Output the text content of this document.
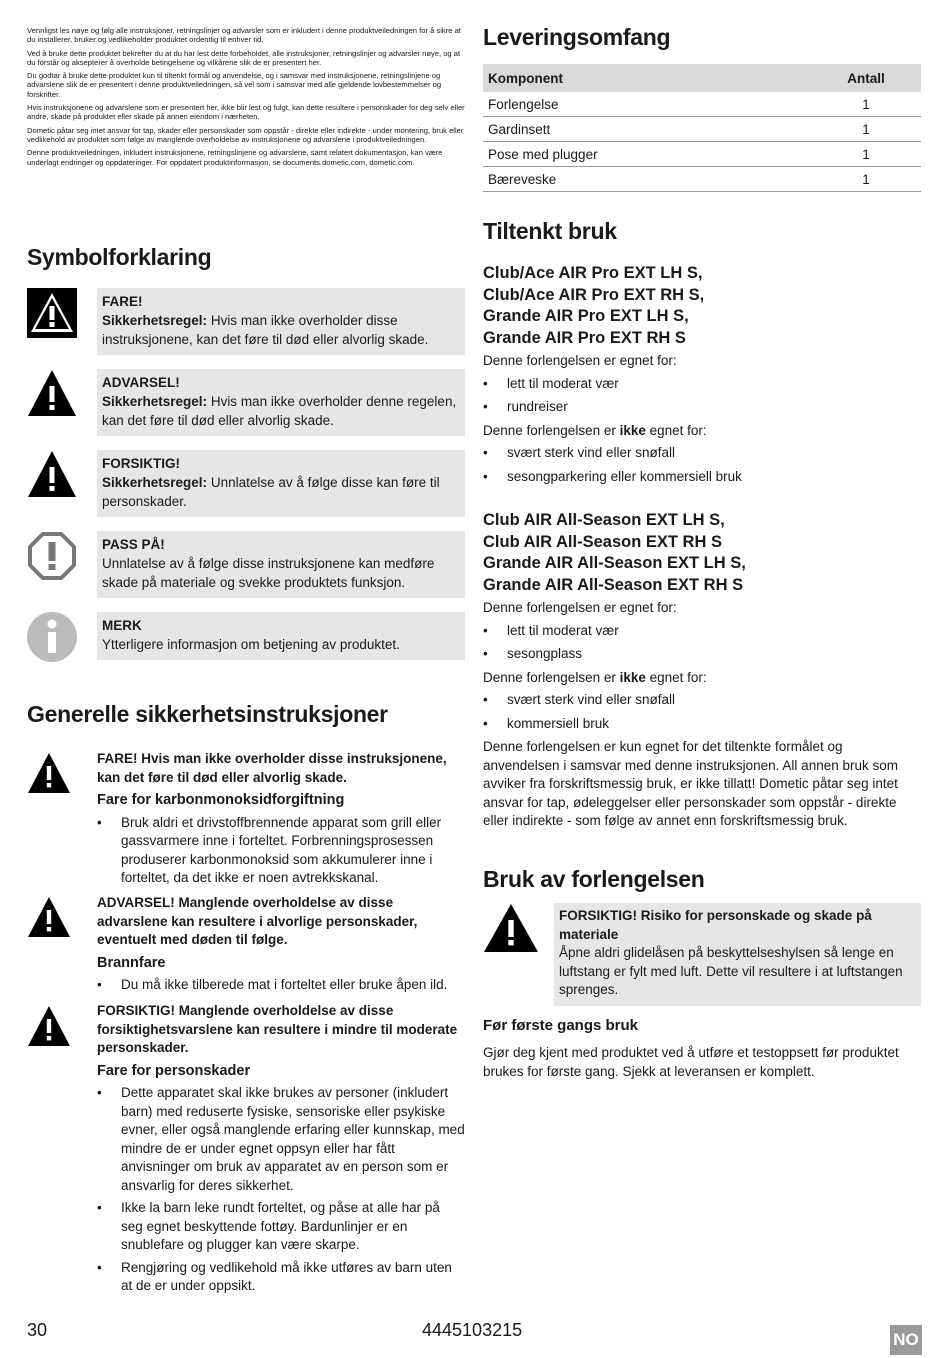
Vennligst les nøye og følg alle instruksjoner, retningslinjer og advarsler som er inkludert i denne produktveiledningen for å sikre at du installerer, bruker og vedlikeholder produktet ordentlig til enhver tid.

Ved å bruke dette produktet bekrefter du at du har lest dette forbeholdet, alle instruksjoner, retningslinjer og advarsler nøye, og at du forstår og aksepterer å overholde betingelsene og vilkårene slik de er presentert her.

Du godtar å bruke dette produktet kun til tiltenkt formål og anvendelse, og i samsvar med instruksjonene, retningslinjene og advarslene slik de er presentert i denne produktveiledningen, så vel som i samsvar med alle gjeldende lovbestemmelser og forskrifter.

Hvis instruksjonene og advarslene som er presentert her, ikke blir lest og fulgt, kan dette resultere i personskader for deg selv eller andre, skade på produktet eller skade på annen eiendom i nærheten.

Dometic påtar seg intet ansvar for tap, skader eller personskader som oppstår - direkte eller indirekte - under montering, bruk eller vedlikehold av produktet som følge av manglende overholdelse av instruksjonene og advarslene i produktveiledningen.

Denne produktveiledningen, inkludert instruksjonene, retningslinjene og advarslene, samt relatert dokumentasjon, kan være underlagt endringer og oppdateringer. For oppdatert produktinformasjon, se documents.dometic.com, dometic.com.

Symbolforklaring
FARE!
Sikkerhetsregel: Hvis man ikke overholder disse instruksjonene, kan det føre til død eller alvorlig skade.
ADVARSEL!
Sikkerhetsregel: Hvis man ikke overholder denne regelen, kan det føre til død eller alvorlig skade.
FORSIKTIG!
Sikkerhetsregel: Unnlatelse av å følge disse kan føre til personskader.
PASS PÅ!
Unnlatelse av å følge disse instruksjonene kan medføre skade på materiale og svekke produktets funksjon.
MERK
Ytterligere informasjon om betjening av produktet.
Generelle sikkerhetsinstruksjoner
FARE! Hvis man ikke overholder disse instruksjonene, kan det føre til død eller alvorlig skade.
Fare for karbonmonoksidforgiftning
• Bruk aldri et drivstoffbrennende apparat som grill eller gassvarmere inne i forteltet. Forbrenningsprosessen produserer karbonmonoksid som akkumulerer inne i forteltet, da det ikke er noen avtrekkskanal.
ADVARSEL! Manglende overholdelse av disse advarslene kan resultere i alvorlige personskader, eventuelt med døden til følge.
Brannfare
• Du må ikke tilberede mat i forteltet eller bruke åpen ild.
FORSIKTIG! Manglende overholdelse av disse forsiktighetsvarslene kan resultere i mindre til moderate personskader.
Fare for personskader
• Dette apparatet skal ikke brukes av personer (inkludert barn) med reduserte fysiske, sensoriske eller psykiske evner, eller også manglende erfaring eller kunnskap, med mindre de er under egnet oppsyn eller har fått anvisninger om bruk av apparatet av en person som er ansvarlig for deres sikkerhet.
• Ikke la barn leke rundt forteltet, og påse at alle har på seg egnet beskyttende fottøy. Bardunlinjer er en snublefare og plugger kan være skarpe.
• Rengjøring og vedlikehold må ikke utføres av barn uten at de er under oppsikt.
Leveringsomfang
Komponent	Antall
Forlengelse	1
Gardinsett	1
Pose med plugger	1
Bæreveske	1
Tiltenkt bruk
Club/Ace AIR Pro EXT LH S,
Club/Ace AIR Pro EXT RH S,
Grande AIR Pro EXT LH S,
Grande AIR Pro EXT RH S
Denne forlengelsen er egnet for:
• lett til moderat vær
• rundreiser
Denne forlengelsen er ikke egnet for:
• svært sterk vind eller snøfall
• sesongparkering eller kommersiell bruk
Club AIR All-Season EXT LH S,
Club AIR All-Season EXT RH S
Grande AIR All-Season EXT LH S,
Grande AIR All-Season EXT RH S
Denne forlengelsen er egnet for:
• lett til moderat vær
• sesongplass
Denne forlengelsen er ikke egnet for:
• svært sterk vind eller snøfall
• kommersiell bruk
Denne forlengelsen er kun egnet for det tiltenkte formålet og anvendelsen i samsvar med denne instruksjonen. All annen bruk som avviker fra forskriftsmessig bruk, er ikke tillatt! Dometic påtar seg intet ansvar for tap, ødeleggelser eller personskader som oppstår - direkte eller indirekte - som følge av annet enn forskriftsmessig bruk.
Bruk av forlengelsen
FORSIKTIG! Risiko for personskade og skade på materiale
Åpne aldri glidelåsen på beskyttelseshylsen så lenge en luftstang er fylt med luft. Dette vil resultere i at luftstangen sprenges.
Før første gangs bruk
Gjør deg kjent med produktet ved å utføre et testoppsett før produktet brukes for første gang. Sjekk at leveransen er komplett.
30	4445103215	NO
